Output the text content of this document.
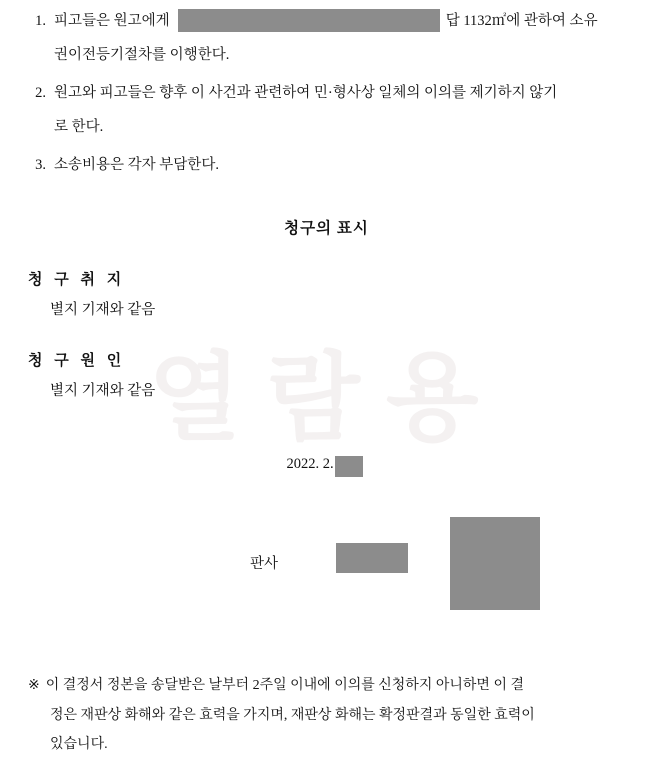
열람용
1. 피고들은 원고에게	답 1132㎡에 관하여 소유
권이전등기절차를 이행한다.
2. 원고와 피고들은 향후 이 사건과 관련하여 민·형사상 일체의 이의를 제기하지 않기
로 한다.
3. 소송비용은 각자 부담한다.
청구의 표시
청 구 취 지
별지 기재와 같음
청 구 원 인
별지 기재와 같음
2022. 2.
판사
※ 이 결정서 정본을 송달받은 날부터 2주일 이내에 이의를 신청하지 아니하면 이 결
정은 재판상 화해와 같은 효력을 가지며, 재판상 화해는 확정판결과 동일한 효력이
있습니다.
